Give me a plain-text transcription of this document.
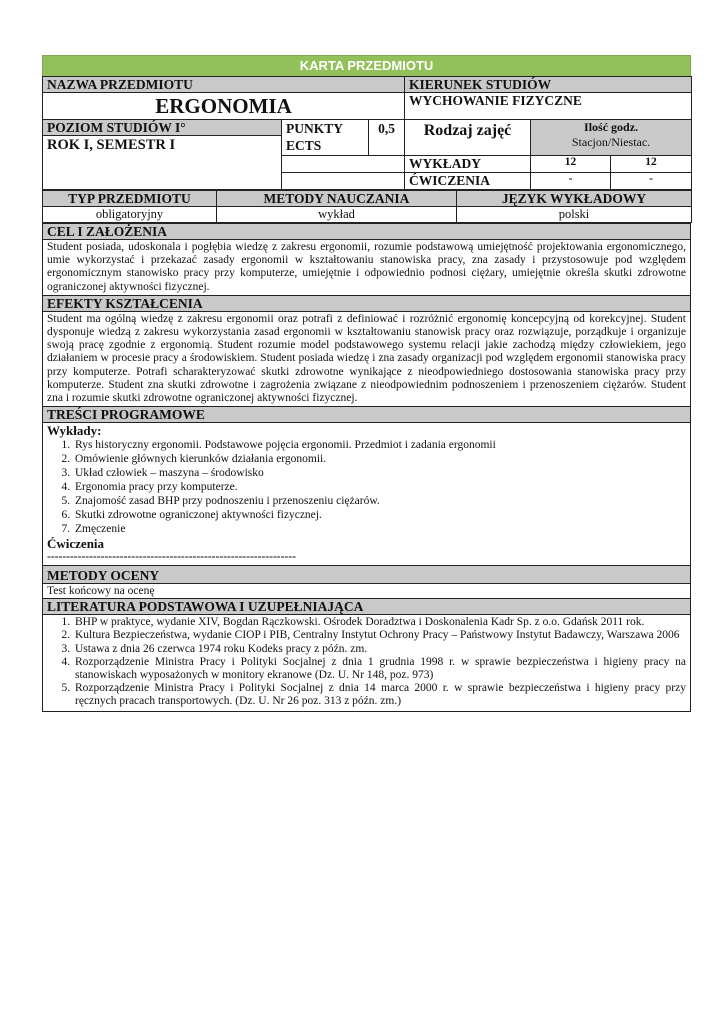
KARTA PRZEDMIOTU
NAZWA PRZEDMIOTU			KIERUNEK STUDIÓW		
ERGONOMIA			WYCHOWANIE FIZYCZNE		
POZIOM STUDIÓW I°	PUNKTY ECTS	0,5	Rodzaj zajęć	Ilość godz.
Stacjon/Niestac.	

ROK I, SEMESTR I					
			WYKŁADY	12	12
			ĆWICZENIA	-	-
TYP PRZEDMIOTU	METODY NAUCZANIA	JĘZYK WYKŁADOWY
obligatoryjny	wykład	polski
CEL I ZAŁOŻENIA
Student posiada, udoskonala i pogłębia wiedzę z zakresu ergonomii, rozumie podstawową umiejętność projektowania ergonomicznego, umie wykorzystać i przekazać zasady ergonomii w kształtowaniu stanowiska pracy, zna zasady i przystosowuje pod względem ergonomicznym stanowisko pracy przy komputerze, umiejętnie i odpowiednio podnosi ciężary, umiejętnie określa skutki zdrowotne ograniczonej aktywności fizycznej.
EFEKTY KSZTAŁCENIA
Student ma ogólną wiedzę z zakresu ergonomii oraz potrafi z definiować i rozróżnić ergonomię koncepcyjną od korekcyjnej. Student dysponuje wiedzą z zakresu wykorzystania zasad ergonomii w kształtowaniu stanowisk pracy oraz rozwiązuje, porządkuje i organizuje swoją pracę zgodnie z ergonomią. Student rozumie model podstawowego systemu relacji jakie zachodzą między człowiekiem, jego działaniem w procesie pracy a środowiskiem. Student posiada wiedzę i zna zasady organizacji pod względem ergonomii stanowiska pracy przy komputerze. Potrafi scharakteryzować skutki zdrowotne wynikające z nieodpowiedniego dostosowania stanowiska pracy przy komputerze. Student zna skutki zdrowotne i zagrożenia związane z nieodpowiednim podnoszeniem i przenoszeniem ciężarów. Student zna i rozumie skutki zdrowotne ograniczonej aktywności fizycznej.
TREŚCI PROGRAMOWE

Wykłady:
1. Rys historyczny ergonomii. Podstawowe pojęcia ergonomii. Przedmiot i zadania ergonomii
2. Omówienie głównych kierunków działania ergonomii.
3. Układ człowiek – maszyna – środowisko
4. Ergonomia pracy przy komputerze.
5. Znajomość zasad BHP przy podnoszeniu i przenoszeniu ciężarów.
6. Skutki zdrowotne ograniczonej aktywności fizycznej.
7. Zmęczenie
Ćwiczenia
-----------------------------------------------------------------

METODY OCENY
Test końcowy na ocenę
LITERATURA PODSTAWOWA I UZUPEŁNIAJĄCA

1. BHP w praktyce, wydanie XIV, Bogdan Rączkowski. Ośrodek Doradztwa i Doskonalenia Kadr Sp. z o.o. Gdańsk 2011 rok.
2. Kultura Bezpieczeństwa, wydanie CIOP i PIB, Centralny Instytut Ochrony Pracy – Państwowy Instytut Badawczy, Warszawa 2006
3. Ustawa z dnia 26 czerwca 1974 roku Kodeks pracy z późn. zm.
4. Rozporządzenie Ministra Pracy i Polityki Socjalnej z dnia 1 grudnia 1998 r. w sprawie bezpieczeństwa i higieny pracy na stanowiskach wyposażonych w monitory ekranowe (Dz. U. Nr 148, poz. 973)
5. Rozporządzenie Ministra Pracy i Polityki Socjalnej z dnia 14 marca 2000 r. w sprawie bezpieczeństwa i higieny pracy przy ręcznych pracach transportowych. (Dz. U. Nr 26 poz. 313 z późn. zm.)
